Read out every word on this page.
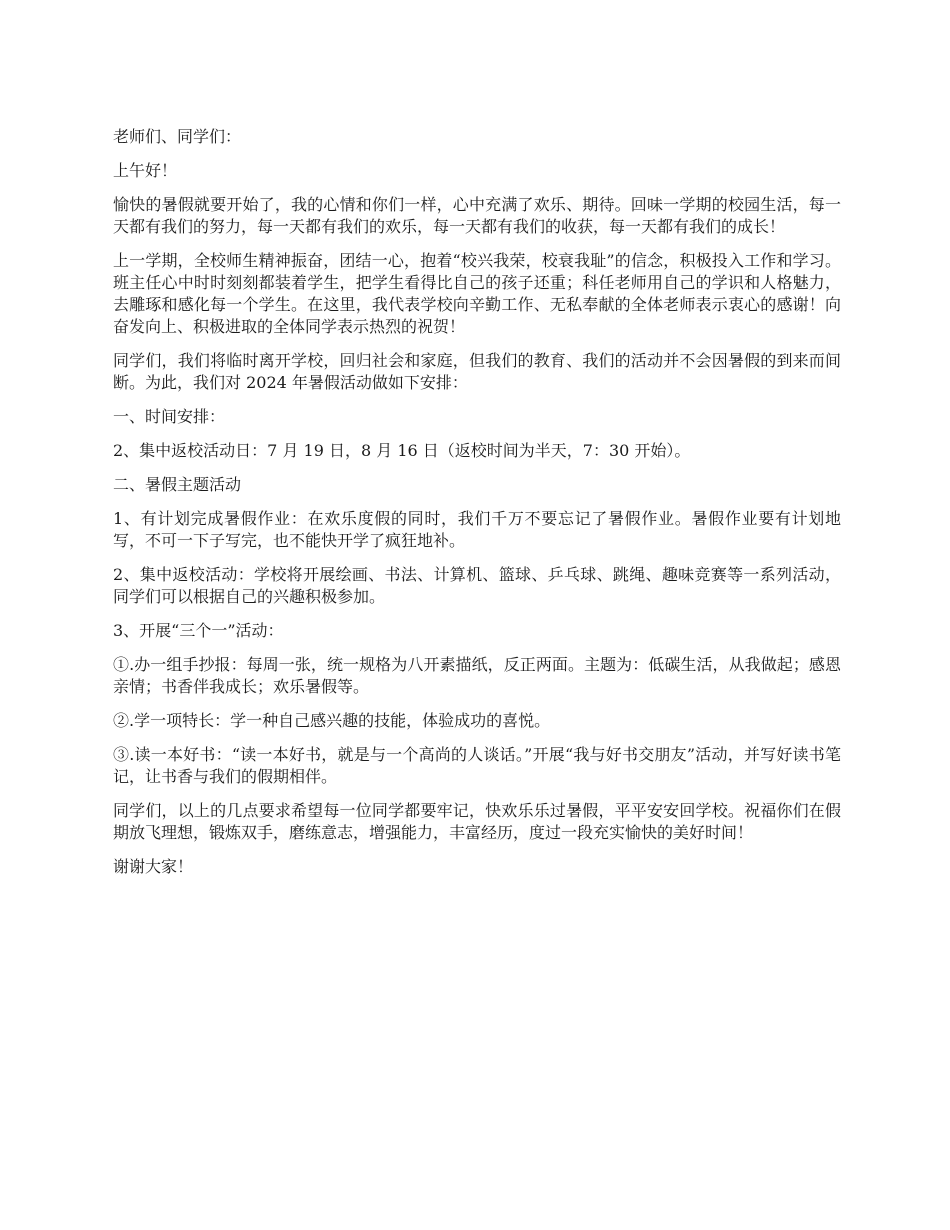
老师们、同学们：

上午好！

愉快的暑假就要开始了，我的心情和你们一样，心中充满了欢乐、期待。回味一学期的校园生活，每一天都有我们的努力，每一天都有我们的欢乐，每一天都有我们的收获，每一天都有我们的成长！

上一学期，全校师生精神振奋，团结一心，抱着“校兴我荣，校衰我耻”的信念，积极投入工作和学习。班主任心中时时刻刻都装着学生，把学生看得比自己的孩子还重；科任老师用自己的学识和人格魅力，去雕琢和感化每一个学生。在这里，我代表学校向辛勤工作、无私奉献的全体老师表示衷心的感谢！向奋发向上、积极进取的全体同学表示热烈的祝贺！

同学们，我们将临时离开学校，回归社会和家庭，但我们的教育、我们的活动并不会因暑假的到来而间断。为此，我们对 2024 年暑假活动做如下安排：

一、时间安排：

2、集中返校活动日：7 月 19 日，8 月 16 日（返校时间为半天，7：30 开始）。

二、暑假主题活动

1、有计划完成暑假作业：在欢乐度假的同时，我们千万不要忘记了暑假作业。暑假作业要有计划地写，不可一下子写完，也不能快开学了疯狂地补。

2、集中返校活动：学校将开展绘画、书法、计算机、篮球、乒乓球、跳绳、趣味竞赛等一系列活动，同学们可以根据自己的兴趣积极参加。

3、开展“三个一”活动：

①.办一组手抄报：每周一张，统一规格为八开素描纸，反正两面。主题为：低碳生活，从我做起；感恩亲情；书香伴我成长；欢乐暑假等。

②.学一项特长：学一种自己感兴趣的技能，体验成功的喜悦。

③.读一本好书：“读一本好书，就是与一个高尚的人谈话。”开展“我与好书交朋友”活动，并写好读书笔记，让书香与我们的假期相伴。

同学们，以上的几点要求希望每一位同学都要牢记，快欢乐乐过暑假，平平安安回学校。祝福你们在假期放飞理想，锻炼双手，磨练意志，增强能力，丰富经历，度过一段充实愉快的美好时间！

谢谢大家！
